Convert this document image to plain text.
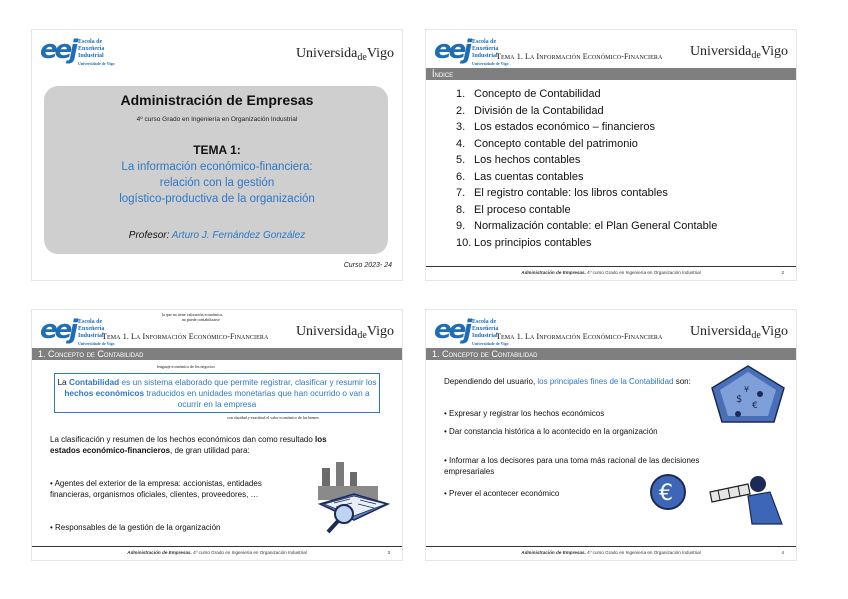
eej Escola de
Enxeñería
Industrial
Universidade de Vigo
Universida$_{de}$Vigo
Administración de Empresas
4º curso Grado en Ingeniería en Organización Industrial
TEMA 1:
La información económico-financiera:
relación con la gestión
logístico-productiva de la organización
Profesor: Arturo J. Fernández González
Curso 2023- 24
eej Escola de
Enxeñería
Industrial
Universidade de Vigo
Tema 1. La Información Económico-Financiera Universida$_{de}$Vigo
Índice
1. Concepto de Contabilidad
2. División de la Contabilidad
3. Los estados económico – financieros
4. Concepto contable del patrimonio
5. Los hechos contables
6. Las cuentas contables
7. El registro contable: los libros contables
8. El proceso contable
9. Normalización contable: el Plan General Contable
10. Los principios contables
Administración de Empresas. 4º curso Grado en Ingeniería en Organización Industrial	2
eej Escola de
Enxeñería
Industrial
Universidade de Vigo
lo que no tiene valoración económica,
no puede contabilizarse
Tema 1. La Información Económico-Financiera Universida$_{de}$Vigo
1. Concepto de Contabilidad
lenguaje económico de los negocios
La Contabilidad es un sistema elaborado que permite registrar, clasificar y resumir los hechos económicos traducidos en unidades monetarias que han ocurrido o van a ocurrir en la empresa
con claridad y exactitud el valor económico de los bienes
La clasificación y resumen de los hechos económicos dan como resultado los estados económico-financieros, de gran utilidad para:
• Agentes del exterior de la empresa: accionistas, entidades financieras, organismos oficiales, clientes, proveedores, …
• Responsables de la gestión de la organización
Administración de Empresas. 4º curso Grado en Ingeniería en Organización Industrial	3
eej Escola de
Enxeñería
Industrial
Universidade de Vigo
Tema 1. La Información Económico-Financiera Universida$_{de}$Vigo
1. Concepto de Contabilidad
Dependiendo del usuario, los principales fines de la Contabilidad son:
• Expresar y registrar los hechos económicos
• Dar constancia histórica a lo acontecido en la organización
• Informar a los decisores para una toma más racional de las decisiones empresariales
• Prever el acontecer económico
$
€
¥
€
Administración de Empresas. 4º curso Grado en Ingeniería en Organización Industrial	4
